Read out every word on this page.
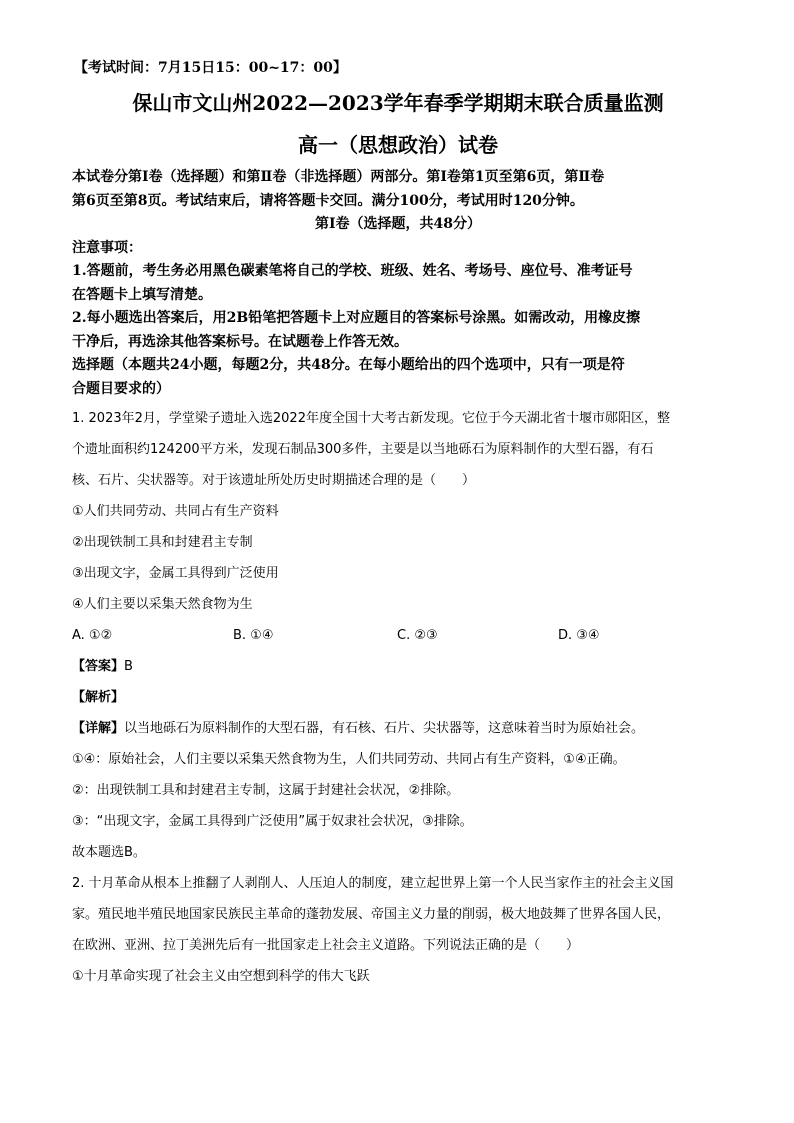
【考试时间：7月15日15：00~17：00】
保山市文山州2022—2023学年春季学期期末联合质量监测
高一（思想政治）试卷
本试卷分第Ⅰ卷（选择题）和第Ⅱ卷（非选择题）两部分。第Ⅰ卷第1页至第6页，第Ⅱ卷
第6页至第8页。考试结束后，请将答题卡交回。满分100分，考试用时120分钟。
第Ⅰ卷（选择题，共48分）
注意事项：
1.答题前，考生务必用黑色碳素笔将自己的学校、班级、姓名、考场号、座位号、准考证号
在答题卡上填写清楚。
2.每小题选出答案后，用2B铅笔把答题卡上对应题目的答案标号涂黑。如需改动，用橡皮擦
干净后，再选涂其他答案标号。在试题卷上作答无效。
选择题（本题共24小题，每题2分，共48分。在每小题给出的四个选项中，只有一项是符
合题目要求的）
1. 2023年2月，学堂梁子遗址入选2022年度全国十大考古新发现。它位于今天湖北省十堰市郧阳区，整
个遗址面积约124200平方米，发现石制品300多件，主要是以当地砾石为原料制作的大型石器，有石
核、石片、尖状器等。对于该遗址所处历史时期描述合理的是（　　）
①人们共同劳动、共同占有生产资料
②出现铁制工具和封建君主专制
③出现文字，金属工具得到广泛使用
④人们主要以采集天然食物为生
A. ①②	B. ①④	C. ②③	D. ③④
【答案】B
【解析】
【详解】以当地砾石为原料制作的大型石器，有石核、石片、尖状器等，这意味着当时为原始社会。
①④：原始社会，人们主要以采集天然食物为生，人们共同劳动、共同占有生产资料，①④正确。
②：出现铁制工具和封建君主专制，这属于封建社会状况，②排除。
③：“出现文字，金属工具得到广泛使用”属于奴隶社会状况，③排除。
故本题选B。
2. 十月革命从根本上推翻了人剥削人、人压迫人的制度，建立起世界上第一个人民当家作主的社会主义国
家。殖民地半殖民地国家民族民主革命的蓬勃发展、帝国主义力量的削弱，极大地鼓舞了世界各国人民，
在欧洲、亚洲、拉丁美洲先后有一批国家走上社会主义道路。下列说法正确的是（　　）
①十月革命实现了社会主义由空想到科学的伟大飞跃
